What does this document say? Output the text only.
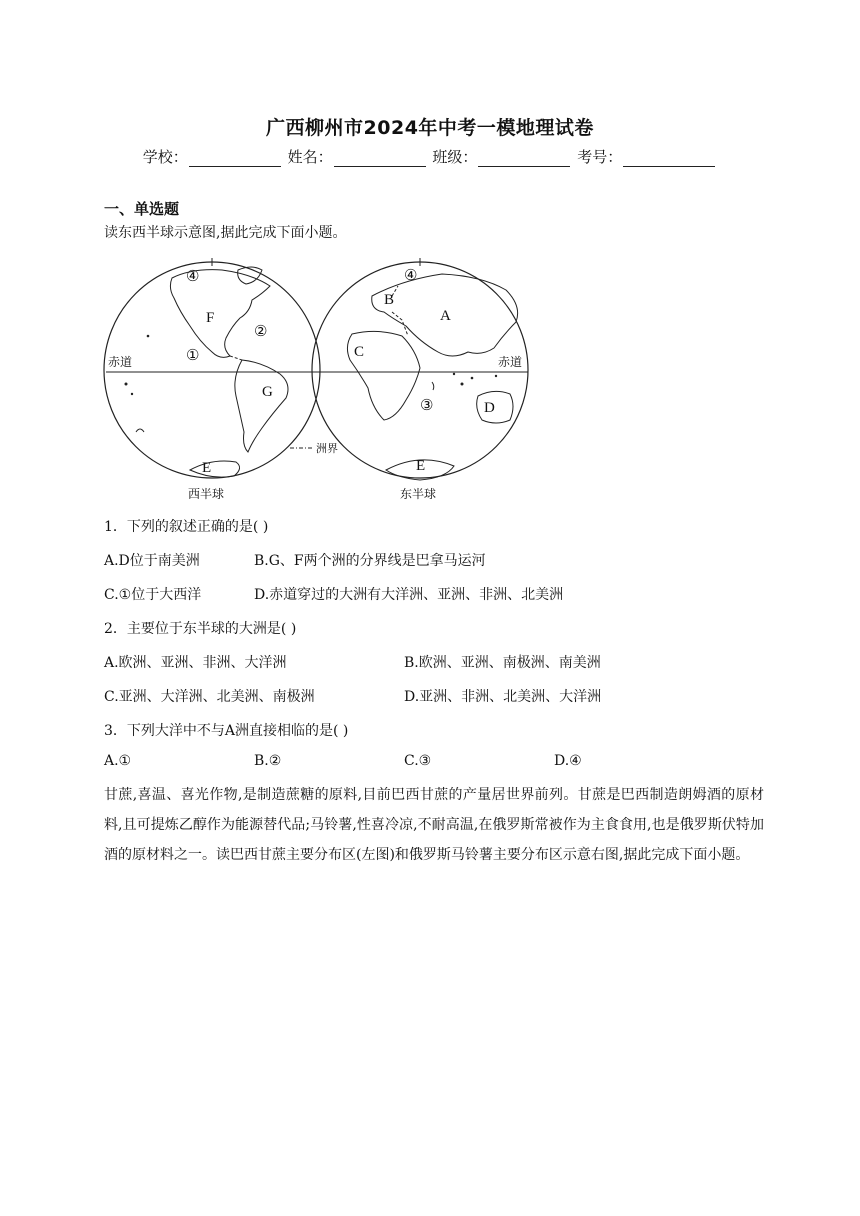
广西柳州市2024年中考一模地理试卷
学校：	姓名：	班级：	考号：
一、单选题
读东西半球示意图,据此完成下面小题。
洲界
赤道	赤道
①
②
④
F
G
E
④
B
A
C
③	D
E
西半球	东半球
1．下列的叙述正确的是( )
A.D位于南美洲	B.G、F两个洲的分界线是巴拿马运河
C.①位于大西洋	D.赤道穿过的大洲有大洋洲、亚洲、非洲、北美洲
2．主要位于东半球的大洲是( )
A.欧洲、亚洲、非洲、大洋洲	B.欧洲、亚洲、南极洲、南美洲
C.亚洲、大洋洲、北美洲、南极洲	D.亚洲、非洲、北美洲、大洋洲
3．下列大洋中不与A洲直接相临的是( )
A.①	B.②	C.③	D.④
甘蔗,喜温、喜光作物,是制造蔗糖的原料,目前巴西甘蔗的产量居世界前列。甘蔗是巴西制造朗姆酒的原材料,且可提炼乙醇作为能源替代品;马铃薯,性喜冷凉,不耐高温,在俄罗斯常被作为主食食用,也是俄罗斯伏特加酒的原材料之一。读巴西甘蔗主要分布区(左图)和俄罗斯马铃薯主要分布区示意右图,据此完成下面小题。
